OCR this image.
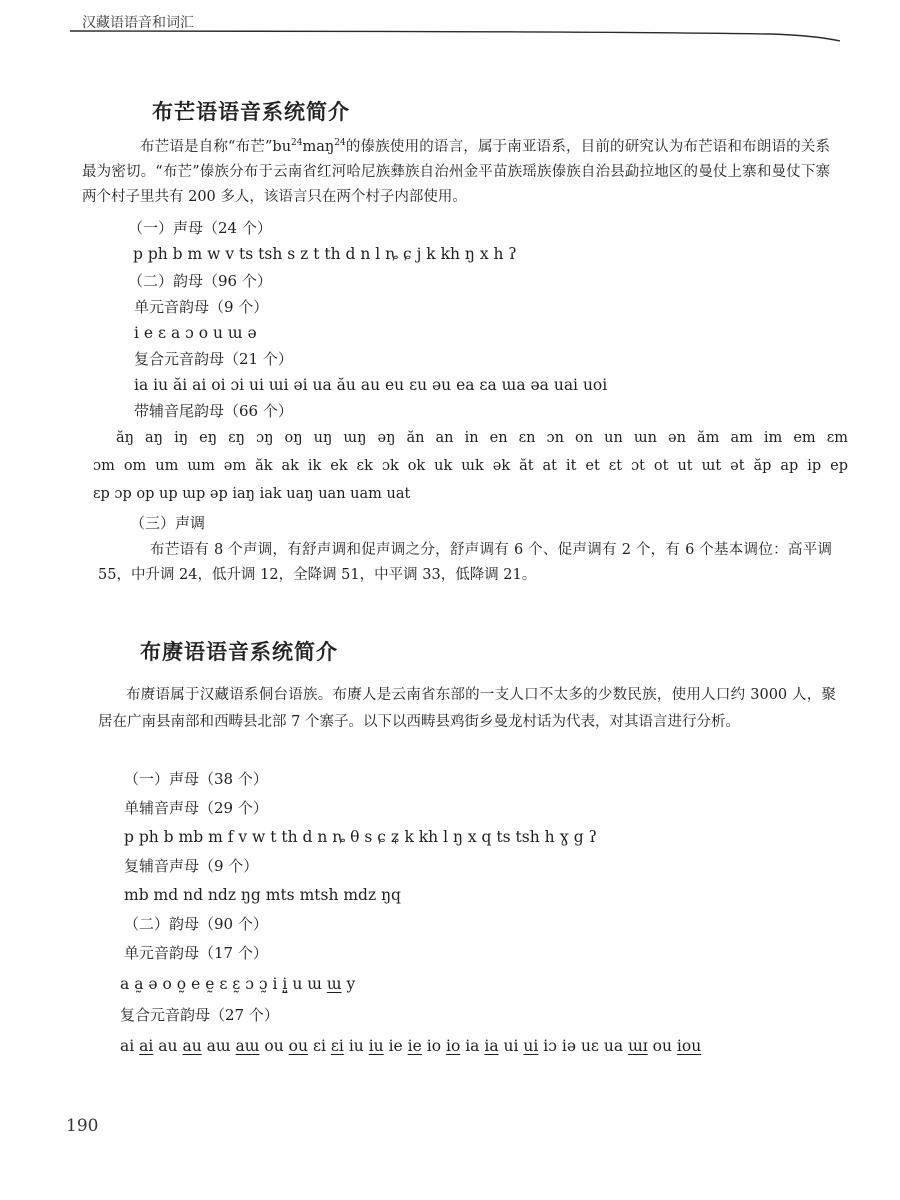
汉藏语语音和词汇
布芒语语音系统简介

布芒语是自称“布芒$”bu^{24}maŋ^{24}$的傣族使用的语言，属于南亚语系，目前的研究认为布芒语和布朗语的关系最为密切。“布芒”傣族分布于云南省红河哈尼族彝族自治州金平苗族瑶族傣族自治县勐拉地区的曼仗上寨和曼仗下寨两个村子里共有 200 多人，该语言只在两个村子内部使用。

（一）声母（24 个）
p ph b m w v ts tsh s z t th d n l ȵ ɕ j k kh ŋ x h ʔ
（二）韵母（96 个）
单元音韵母（9 个）
i e ɛ a ɔ o u ɯ ə
复合元音韵母（21 个）
ia iu ăi ai oi ɔi ui ɯi əi ua ău au eu ɛu əu ea ɛa ɯa əa uai uoi
带辅音尾韵母（66 个）
ăŋ aŋ iŋ eŋ ɛŋ ɔŋ oŋ uŋ ɯŋ əŋ ăn an in en ɛn ɔn on un ɯn ən ăm am im em ɛm
ɔm om um ɯm əm ăk ak ik ek ɛk ɔk ok uk ɯk ək ăt at it et ɛt ɔt ot ut ɯt ət ăp ap ip ep
ɛp ɔp op up ɯp əp iaŋ iak uaŋ uan uam uat
（三）声调

布芒语有 8 个声调，有舒声调和促声调之分，舒声调有 6 个、促声调有 2 个，有 6 个基本调位：高平调 55，中升调 24，低升调 12，全降调 51，中平调 33，低降调 21。

布赓语语音系统简介

布赓语属于汉藏语系侗台语族。布赓人是云南省东部的一支人口不太多的少数民族，使用人口约 3000 人，聚居在广南县南部和西畴县北部 7 个寨子。以下以西畴县鸡街乡曼龙村话为代表，对其语言进行分析。

（一）声母（38 个）
单辅音声母（29 个）
p ph b mb m f v w t th d n ȵ θ s ɕ ʑ k kh l ŋ x q ts tsh h ɣ g ʔ
复辅音声母（9 个）
mb md nd ndz ŋg mts mtsh mdz ŋq
（二）韵母（90 个）
单元音韵母（17 个）
a a̰ ə o o̰ e ḛ ɛ ɛ̰ ɔ ɔ̰ i i̤ u ɯ ɯ y
复合元音韵母（27 个）
ai ai au au aɯ aɯ ou ou ɛi ɛi iu iu ie ie io io ia ia ui ui iɔ iə uɛ ua ɯɪ ou iou
190
